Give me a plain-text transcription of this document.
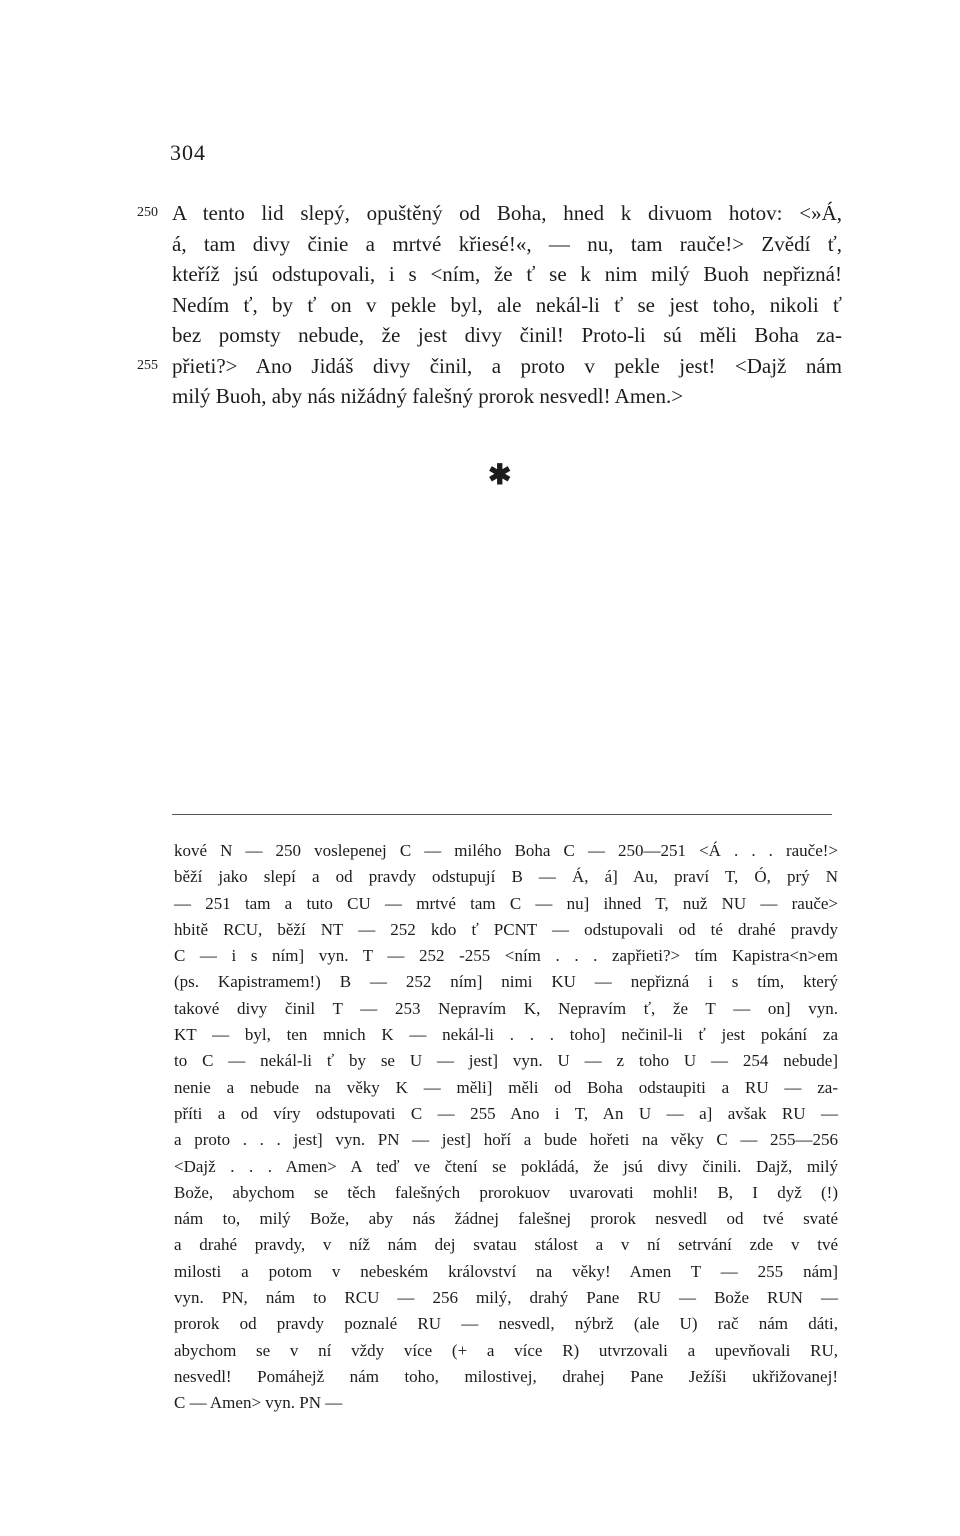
304
250 A tento lid slepý, opuštěný od Boha, hned k divuom hotov: <»Á,
á, tam divy činie a mrtvé křiesé!«, — nu, tam rauče!> Zvědí ť,
kteříž jsú odstupovali, i s <ním, že ť se k nim milý Buoh nepřizná!
Nedím ť, by ť on v pekle byl, ale nekál-li ť se jest toho, nikoli ť
bez pomsty nebude, že jest divy činil! Proto-li sú měli Boha za-
255 přieti?> Ano Jidáš divy činil, a proto v pekle jest! <Dajž nám
milý Buoh, aby nás nižádný falešný prorok nesvedl! Amen.>
✱
kové N — 250 voslepenej C — milého Boha C — 250—251 <Á . . . rauče!>
běží jako slepí a od pravdy odstupují B — Á, á] Au, praví T, Ó, prý N
— 251 tam a tuto CU — mrtvé tam C — nu] ihned T, nuž NU — rauče>
hbitě RCU, běží NT — 252 kdo ť PCNT — odstupovali od té drahé pravdy
C — i s ním] vyn. T — 252 -255 <ním . . . zapřieti?> tím Kapistra<n>em
(ps. Kapistramem!) B — 252 ním] nimi KU — nepřizná i s tím, který
takové divy činil T — 253 Nepravím K, Nepravím ť, že T — on] vyn.
KT — byl, ten mnich K — nekál-li . . . toho] nečinil-li ť jest pokání za
to C — nekál-li ť by se U — jest] vyn. U — z toho U — 254 nebude]
nenie a nebude na věky K — měli] měli od Boha odstaupiti a RU — za-
příti a od víry odstupovati C — 255 Ano i T, An U — a] avšak RU —
a proto . . . jest] vyn. PN — jest] hoří a bude hořeti na věky C — 255—256
<Dajž . . . Amen> A teď ve čtení se pokládá, že jsú divy činili. Dajž, milý
Bože, abychom se těch falešných prorokuov uvarovati mohli! B, I dyž (!)
nám to, milý Bože, aby nás žádnej falešnej prorok nesvedl od tvé svaté
a drahé pravdy, v níž nám dej svatau stálost a v ní setrvání zde v tvé
milosti a potom v nebeském království na věky! Amen T — 255 nám]
vyn. PN, nám to RCU — 256 milý, drahý Pane RU — Bože RUN —
prorok od pravdy poznalé RU — nesvedl, nýbrž (ale U) rač nám dáti,
abychom se v ní vždy více (+ a více R) utvrzovali a upevňovali RU,
nesvedl! Pomáhejž nám toho, milostivej, drahej Pane Ježíši ukřižovanej!
C — Amen> vyn. PN —
